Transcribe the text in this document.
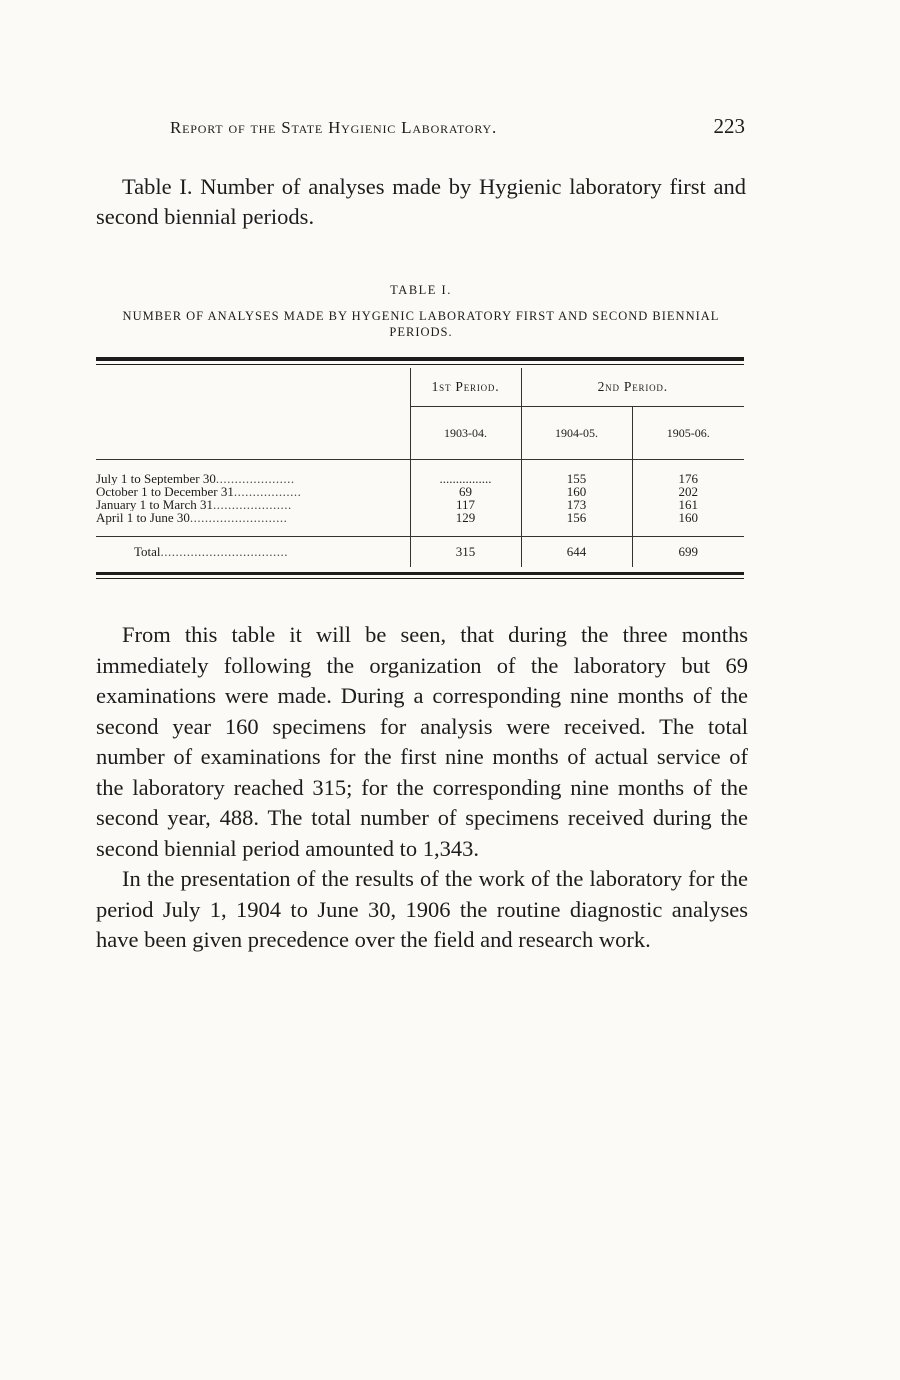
Report of the State Hygienic Laboratory.	223

Table I. Number of analyses made by Hygienic laboratory first and second biennial periods.

TABLE I.
NUMBER OF ANALYSES MADE BY HYGENIC LABORATORY FIRST AND SECOND BIENNIAL PERIODS.
	1st Period.	2nd Period.	
	1903-04.	1904-05.	1905-06.
July 1 to September 30.....................	................	155	176
October 1 to December 31..................	69	160	202
January 1 to March 31.....................	117	173	161
April 1 to June 30..........................	129	156	160
Total..................................	315	644	699

From this table it will be seen, that during the three months immediately following the organization of the laboratory but 69 examinations were made. During a corresponding nine months of the second year 160 specimens for analysis were received. The total number of examinations for the first nine months of actual service of the laboratory reached 315; for the corresponding nine months of the second year, 488. The total number of specimens received during the second biennial period amounted to 1,343.

In the presentation of the results of the work of the laboratory for the period July 1, 1904 to June 30, 1906 the routine diagnostic analyses have been given precedence over the field and research work.
